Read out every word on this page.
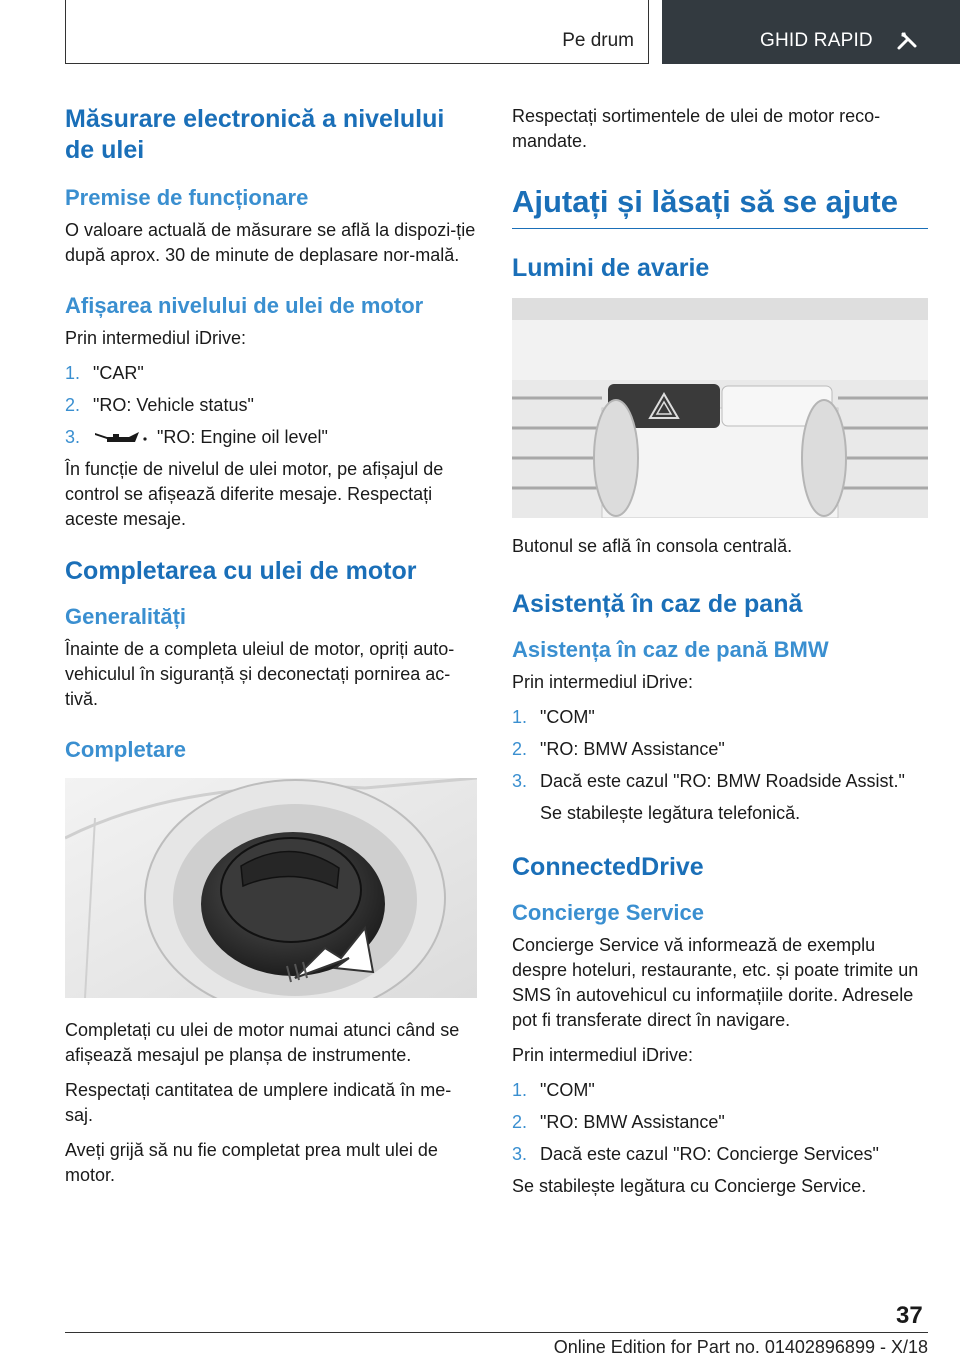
Pe drum	GHID RAPID
Măsurare electronică a nivelului de ulei
Premise de funcționare

O valoare actuală de măsurare se află la dispozi-ție după aprox. 30 de minute de deplasare nor-mală.

Afișarea nivelului de ulei de motor

Prin intermediul iDrive:

1. "CAR"
2. "RO: Vehicle status"
3.	"RO: Engine oil level"

În funcție de nivelul de ulei motor, pe afișajul de control se afișează diferite mesaje. Respectați aceste mesaje.

Completarea cu ulei de motor
Generalități

Înainte de a completa uleiul de motor, opriți auto-vehiculul în siguranță și deconectați pornirea ac-tivă.

Completare

Completați cu ulei de motor numai atunci când se afișează mesajul pe planșa de instrumente.

Respectați cantitatea de umplere indicată în me-saj.

Aveți grijă să nu fie completat prea mult ulei de motor.

Respectați sortimentele de ulei de motor reco-mandate.

Ajutați și lăsați să se ajute
Lumini de avarie

Butonul se află în consola centrală.

Asistență în caz de pană
Asistența în caz de pană BMW

Prin intermediul iDrive:

1. "COM"
2. "RO: BMW Assistance"
3. Dacă este cazul "RO: BMW Roadside Assist."

Se stabilește legătura telefonică.

ConnectedDrive
Concierge Service

Concierge Service vă informează de exemplu despre hoteluri, restaurante, etc. și poate trimite un SMS în autovehicul cu informațiile dorite. Adresele pot fi transferate direct în navigare.

Prin intermediul iDrive:

1. "COM"
2. "RO: BMW Assistance"
3. Dacă este cazul "RO: Concierge Services"

Se stabilește legătura cu Concierge Service.

37
Online Edition for Part no. 01402896899 - X/18
